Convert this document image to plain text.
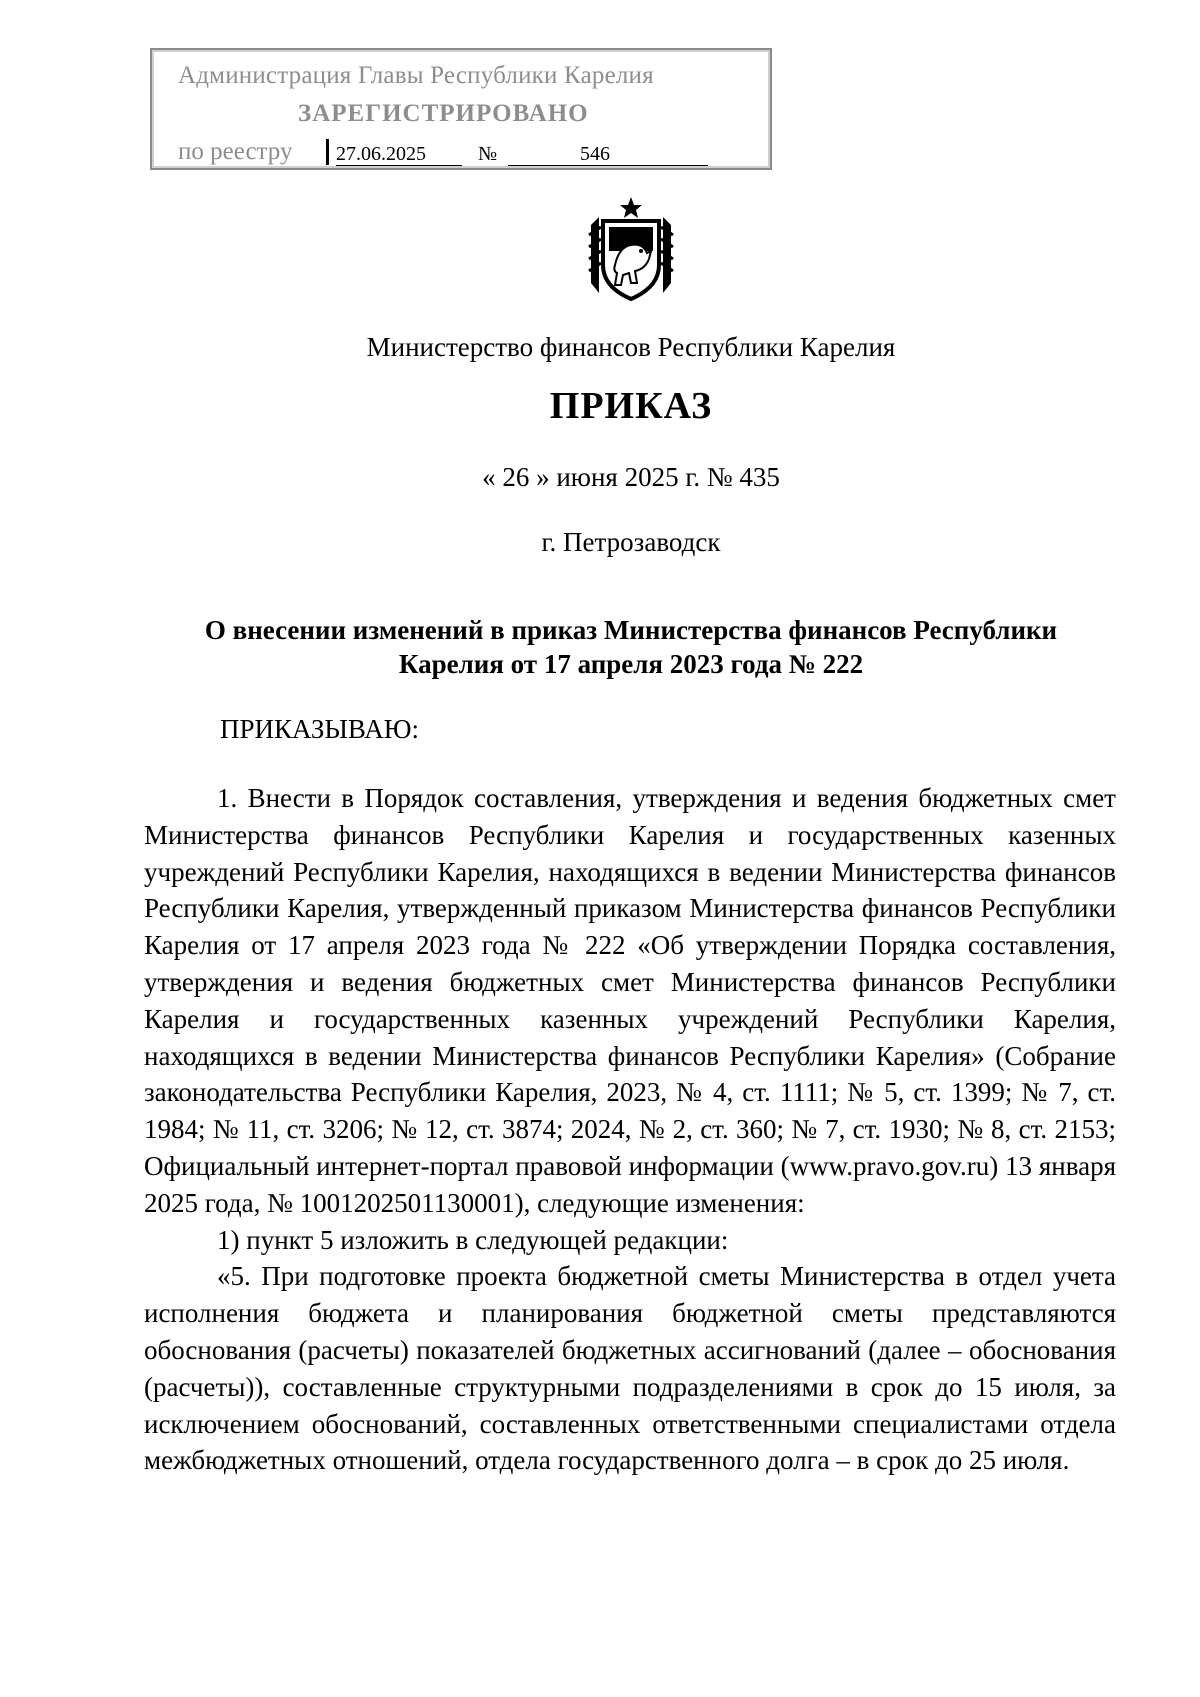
Администрация Главы Республики Карелия
ЗАРЕГИСТРИРОВАНО
по реестру 27.06.2025	№	546
Министерство финансов Республики Карелия
ПРИКАЗ
« 26 » июня 2025 г. № 435
г. Петрозаводск
О внесении изменений в приказ Министерства финансов Республики
Карелия от 17 апреля 2023 года № 222
ПРИКАЗЫВАЮ:

1. Внести в Порядок составления, утверждения и ведения бюджетных смет Министерства финансов Республики Карелия и государственных казенных учреждений Республики Карелия, находящихся в ведении Министерства финансов Республики Карелия, утвержденный приказом Министерства финансов Республики Карелия от 17 апреля 2023 года № 222 «Об утверждении Порядка составления, утверждения и ведения бюджетных смет Министерства финансов Республики Карелия и государственных казенных учреждений Республики Карелия, находящихся в ведении Министерства финансов Республики Карелия» (Собрание законодательства Республики Карелия, 2023, № 4, ст. 1111; № 5, ст. 1399; № 7, ст. 1984; № 11, ст. 3206; № 12, ст. 3874; 2024, № 2, ст. 360; № 7, ст. 1930; № 8, ст. 2153; Официальный интернет-портал правовой информации (www.pravo.gov.ru) 13 января 2025 года, № 1001202501130001), следующие изменения:

1) пункт 5 изложить в следующей редакции:

«5. При подготовке проекта бюджетной сметы Министерства в отдел учета исполнения бюджета и планирования бюджетной сметы представляются обоснования (расчеты) показателей бюджетных ассигнований (далее – обоснования (расчеты)), составленные структурными подразделениями в срок до 15 июля, за исключением обоснований, составленных ответственными специалистами отдела межбюджетных отношений, отдела государственного долга – в срок до 25 июля.
